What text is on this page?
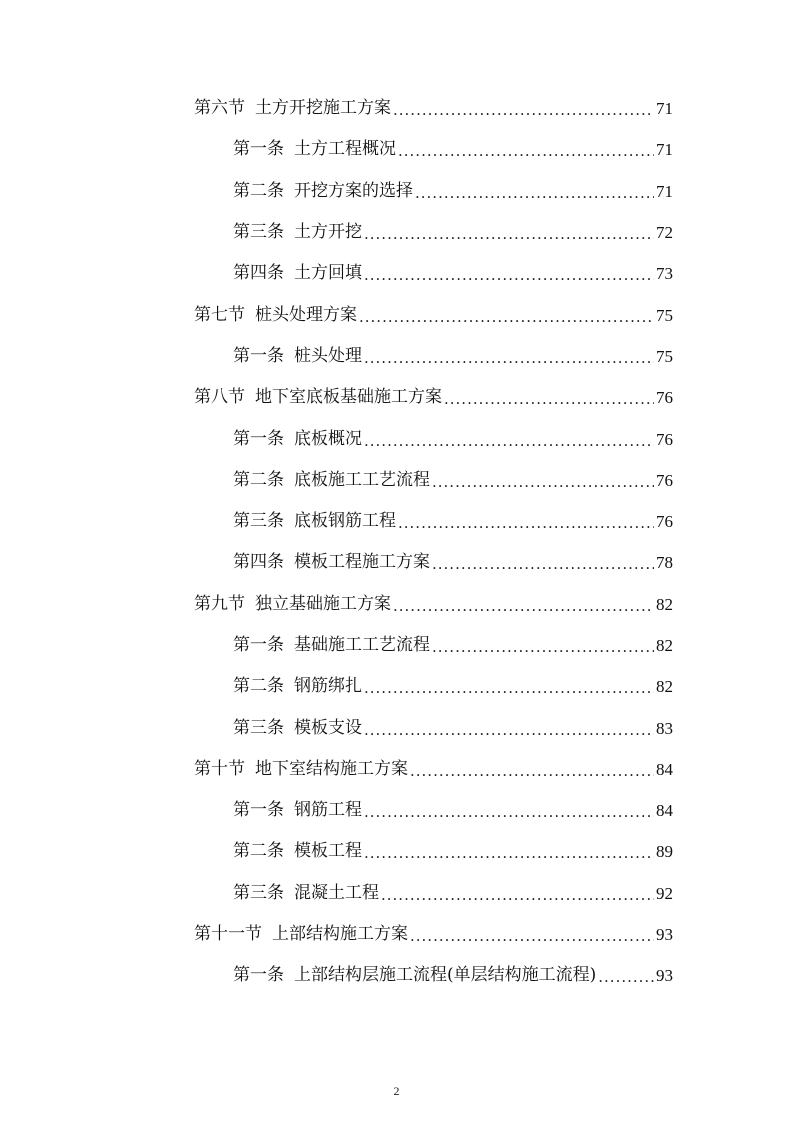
第六节 土方开挖施工方案 .....	71
第一条 土方工程概况 .....	71
第二条 开挖方案的选择 .....	71
第三条 土方开挖 .....	72
第四条 土方回填 .....	73
第七节 桩头处理方案 .....	75
第一条 桩头处理 .....	75
第八节 地下室底板基础施工方案 .....	76
第一条 底板概况 .....	76
第二条 底板施工工艺流程 .....	76
第三条 底板钢筋工程 .....	76
第四条 模板工程施工方案 .....	78
第九节 独立基础施工方案 .....	82
第一条 基础施工工艺流程 .....	82
第二条 钢筋绑扎 .....	82
第三条 模板支设 .....	83
第十节 地下室结构施工方案 .....	84
第一条 钢筋工程 .....	84
第二条 模板工程 .....	89
第三条 混凝土工程 .....	92
第十一节 上部结构施工方案 .....	93
第一条 上部结构层施工流程(单层结构施工流程) .....	93
2
